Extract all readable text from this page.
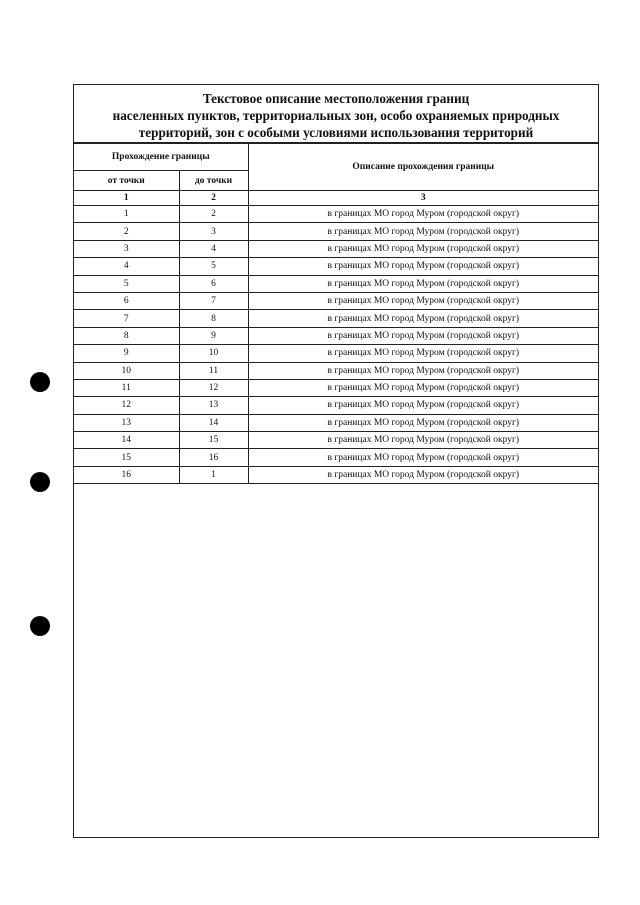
Текстовое описание местоположения границ
населенных пунктов, территориальных зон, особо охраняемых природных
территорий, зон с особыми условиями использования территорий
Прохождение границы		Описание прохождения границы
от точки	до точки	
1	2	3
1	2	в границах МО город Муром (городской округ)
2	3	в границах МО город Муром (городской округ)
3	4	в границах МО город Муром (городской округ)
4	5	в границах МО город Муром (городской округ)
5	6	в границах МО город Муром (городской округ)
6	7	в границах МО город Муром (городской округ)
7	8	в границах МО город Муром (городской округ)
8	9	в границах МО город Муром (городской округ)
9	10	в границах МО город Муром (городской округ)
10	11	в границах МО город Муром (городской округ)
11	12	в границах МО город Муром (городской округ)
12	13	в границах МО город Муром (городской округ)
13	14	в границах МО город Муром (городской округ)
14	15	в границах МО город Муром (городской округ)
15	16	в границах МО город Муром (городской округ)
16	1	в границах МО город Муром (городской округ)
